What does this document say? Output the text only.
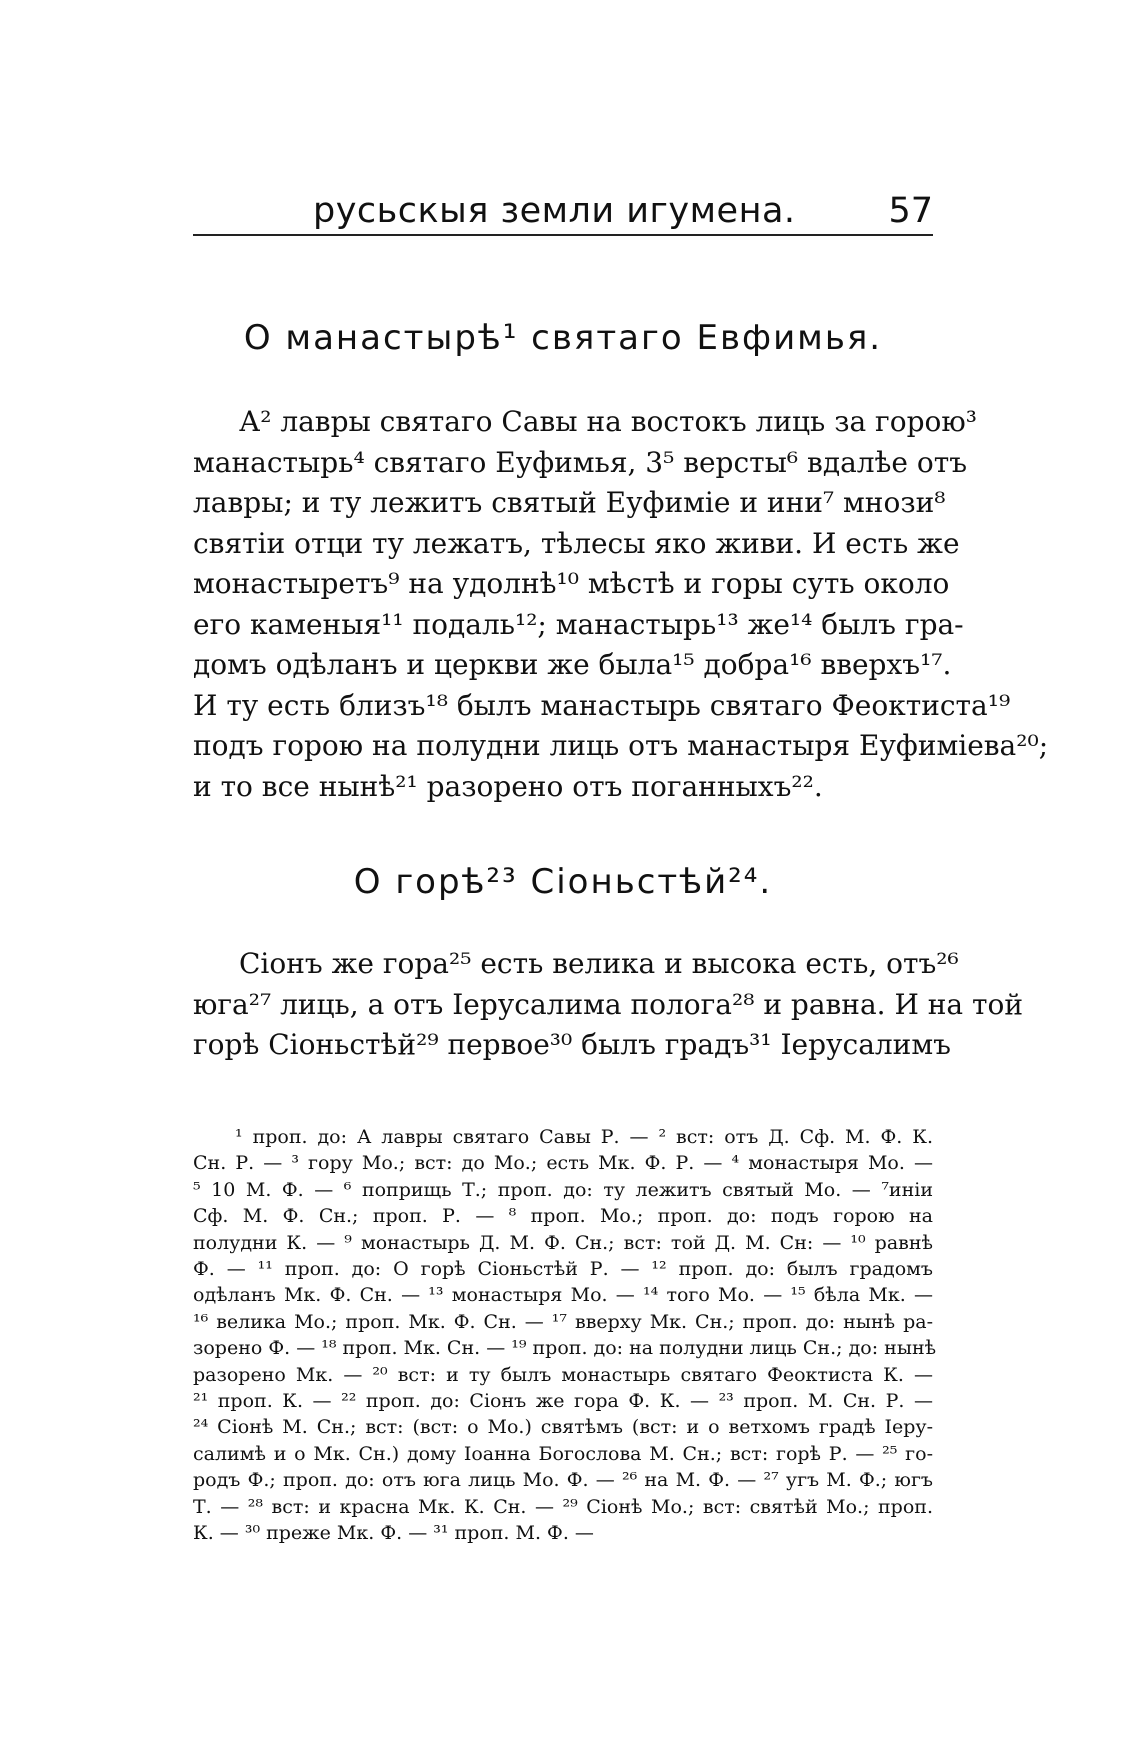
русьскыя земли игумена.	57
О манастырѣ¹ святаго Евфимья.
А² лавры святаго Савы на востокъ лиць за горою³
манастырь⁴ святаго Еуфимья, 3⁵ версты⁶ вдалѣе отъ
лавры; и ту лежитъ святый Еуфиміе и ини⁷ мнози⁸
святіи отци ту лежатъ, тѣлесы яко живи. И есть же
монастыретъ⁹ на удолнѣ¹⁰ мѣстѣ и горы суть около
его каменыя¹¹ подаль¹²; манастырь¹³ же¹⁴ былъ гра-
домъ одѣланъ и церкви же была¹⁵ добра¹⁶ вверхъ¹⁷.
И ту есть близъ¹⁸ былъ манастырь святаго Феоктиста¹⁹
подъ горою на полудни лиць отъ манастыря Еуфиміева²⁰;
и то все нынѣ²¹ разорено отъ поганныхъ²².
О горѣ²³ Сіоньстѣй²⁴.
Сіонъ же гора²⁵ есть велика и высока есть, отъ²⁶
юга²⁷ лиць, а отъ Іерусалима полога²⁸ и равна. И на той
горѣ Сіоньстѣй²⁹ первое³⁰ былъ градъ³¹ Іерусалимъ
¹ проп. до: А лавры святаго Савы Р. — ² вст: отъ Д. Сф. М. Ф. К.
Сн. Р. — ³ гору Мо.; вст: до Мо.; есть Мк. Ф. Р. — ⁴ монастыря Мо. —
⁵ 10 М. Ф. — ⁶ поприщь Т.; проп. до: ту лежитъ святый Мо. — ⁷иніи
Сф. М. Ф. Сн.; проп. Р. — ⁸ проп. Мо.; проп. до: подъ горою на
полудни К. — ⁹ монастырь Д. М. Ф. Сн.; вст: той Д. М. Сн: — ¹⁰ равнѣ
Ф. — ¹¹ проп. до: О горѣ Сіоньстѣй Р. — ¹² проп. до: былъ градомъ
одѣланъ Мк. Ф. Сн. — ¹³ монастыря Мо. — ¹⁴ того Мо. — ¹⁵ бѣла Мк. —
¹⁶ велика Мо.; проп. Мк. Ф. Сн. — ¹⁷ вверху Мк. Сн.; проп. до: нынѣ ра-
зорено Ф. — ¹⁸ проп. Мк. Сн. — ¹⁹ проп. до: на полудни лиць Сн.; до: нынѣ
разорено Мк. — ²⁰ вст: и ту былъ монастырь святаго Феоктиста К. —
²¹ проп. К. — ²² проп. до: Сіонъ же гора Ф. К. — ²³ проп. М. Сн. Р. —
²⁴ Сіонѣ М. Сн.; вст: (вст: о Мо.) святѣмъ (вст: и о ветхомъ градѣ Іеру-
салимѣ и о Мк. Сн.) дому Іоанна Богослова М. Сн.; вст: горѣ Р. — ²⁵ го-
родъ Ф.; проп. до: отъ юга лиць Мо. Ф. — ²⁶ на М. Ф. — ²⁷ угъ М. Ф.; югъ
Т. — ²⁸ вст: и красна Мк. К. Сн. — ²⁹ Сіонѣ Мо.; вст: святѣй Мо.; проп.
К. — ³⁰ преже Мк. Ф. — ³¹ проп. М. Ф. —
